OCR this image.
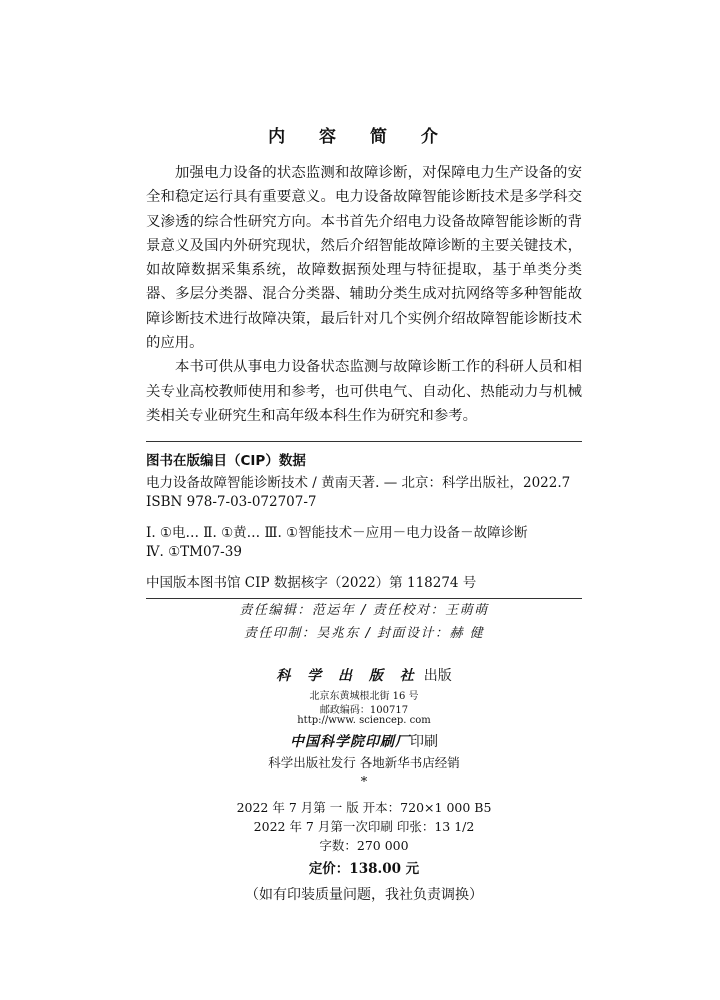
内 容 简 介

加强电力设备的状态监测和故障诊断，对保障电力生产设备的安全和稳定运行具有重要意义。电力设备故障智能诊断技术是多学科交叉渗透的综合性研究方向。本书首先介绍电力设备故障智能诊断的背景意义及国内外研究现状，然后介绍智能故障诊断的主要关键技术，如故障数据采集系统，故障数据预处理与特征提取，基于单类分类器、多层分类器、混合分类器、辅助分类生成对抗网络等多种智能故障诊断技术进行故障决策，最后针对几个实例介绍故障智能诊断技术的应用。

本书可供从事电力设备状态监测与故障诊断工作的科研人员和相关专业高校教师使用和参考，也可供电气、自动化、热能动力与机械类相关专业研究生和高年级本科生作为研究和参考。

图书在版编目（CIP）数据
电力设备故障智能诊断技术 / 黄南天著. — 北京：科学出版社，2022.7
ISBN 978-7-03-072707-7
Ⅰ. ①电… Ⅱ. ①黄… Ⅲ. ①智能技术－应用－电力设备－故障诊断
Ⅳ. ①TM07-39
中国版本图书馆 CIP 数据核字（2022）第 118274 号
责任编辑：范运年 / 责任校对：王萌萌
责任印制：吴兆东 / 封面设计：赫 健
科 学 出 版 社 出版
北京东黄城根北街 16 号
邮政编码：100717
http://www. sciencep. com
中国科学院印刷厂印刷
科学出版社发行 各地新华书店经销
*
2022 年 7 月第 一 版 开本：720×1 000 B5
2022 年 7 月第一次印刷 印张：13 1/2
字数：270 000
定价：138.00 元
（如有印装质量问题，我社负责调换）
